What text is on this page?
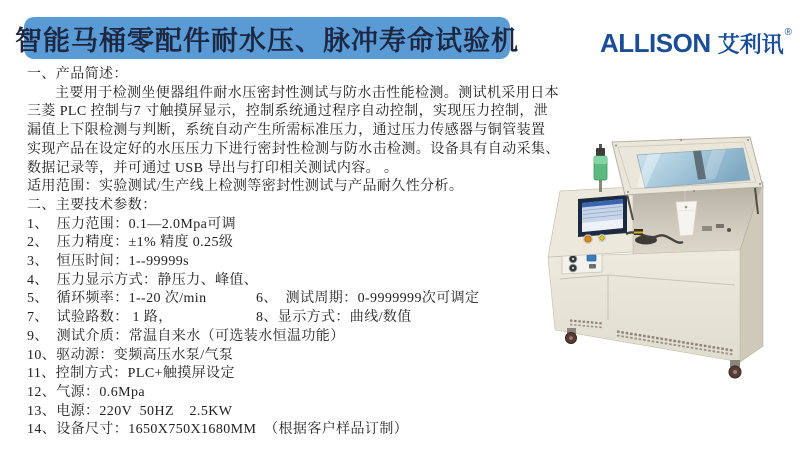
智能马桶零配件耐水压、脉冲寿命试验机	ALLISON 艾利讯 ®
一、产品简述：
主要用于检测坐便器组件耐水压密封性测试与防水击性能检测。测试机采用日本
三菱 PLC 控制与7 寸触摸屏显示，控制系统通过程序自动控制，实现压力控制，泄
漏值上下限检测与判断，系统自动产生所需标准压力，通过压力传感器与铜管装置
实现产品在设定好的水压压力下进行密封性检测与防水击检测。设备具有自动采集、
数据记录等，并可通过 USB 导出与打印相关测试内容。 。
适用范围：实验测试/生产线上检测等密封性测试与产品耐久性分析。
二、主要技术参数：
1、  压力范围：0.1—2.0Mpa可调
2、  压力精度：±1% 精度 0.25级
3、  恒压时间：1--99999s
4、  压力显示方式：静压力、峰值、
5、  循环频率：1--20 次/min	6、  测试周期：0-9999999次可调定
7、  试验路数： 1 路，	8、显示方式：曲线/数值
9、  测试介质：常温自来水（可选装水恒温功能）
10、驱动源：变频高压水泵/气泵
11、控制方式：PLC+触摸屏设定
12、气源：0.6Mpa
13、电源：220V  50HZ    2.5KW
14、设备尺寸：1650X750X1680MM  （根据客户样品订制）
